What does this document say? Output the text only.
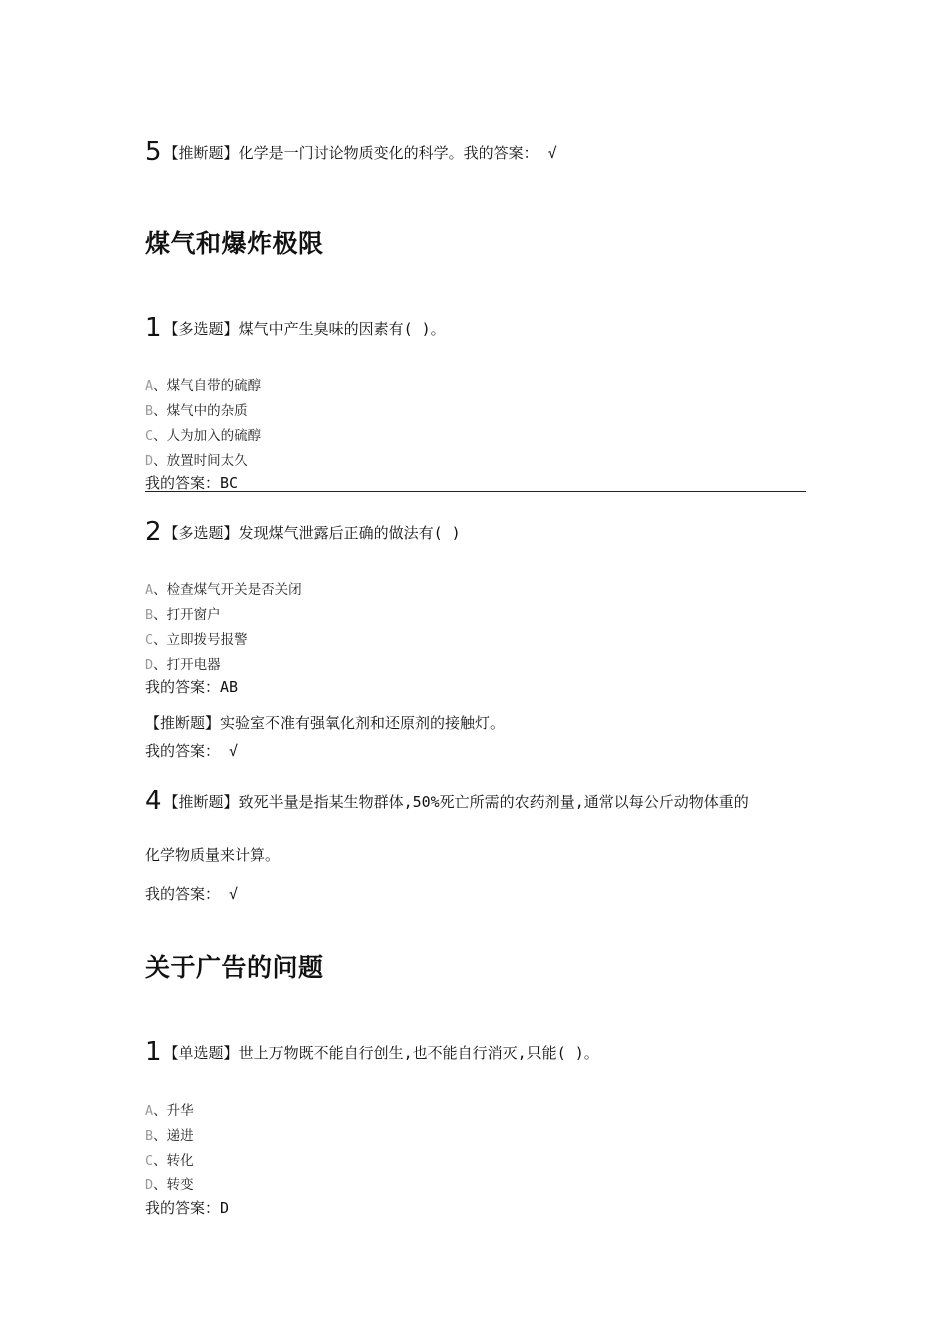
5 【推断题】化学是一门讨论物质变化的科学。我的答案： √
煤气和爆炸极限
1 【多选题】煤气中产生臭味的因素有( )。
A、煤气自带的硫醇
B、煤气中的杂质
C、人为加入的硫醇
D、放置时间太久
我的答案：BC
2 【多选题】发现煤气泄露后正确的做法有( )
A、检查煤气开关是否关闭
B、打开窗户
C、立即拨号报警
D、打开电器
我的答案：AB
【推断题】实验室不准有强氧化剂和还原剂的接触灯。
我的答案： √
4 【推断题】致死半量是指某生物群体,50%死亡所需的农药剂量,通常以每公斤动物体重的
化学物质量来计算。
我的答案： √
关于广告的问题
1 【单选题】世上万物既不能自行创生,也不能自行消灭,只能( )。
A、升华
B、递进
C、转化
D、转变
我的答案：D
